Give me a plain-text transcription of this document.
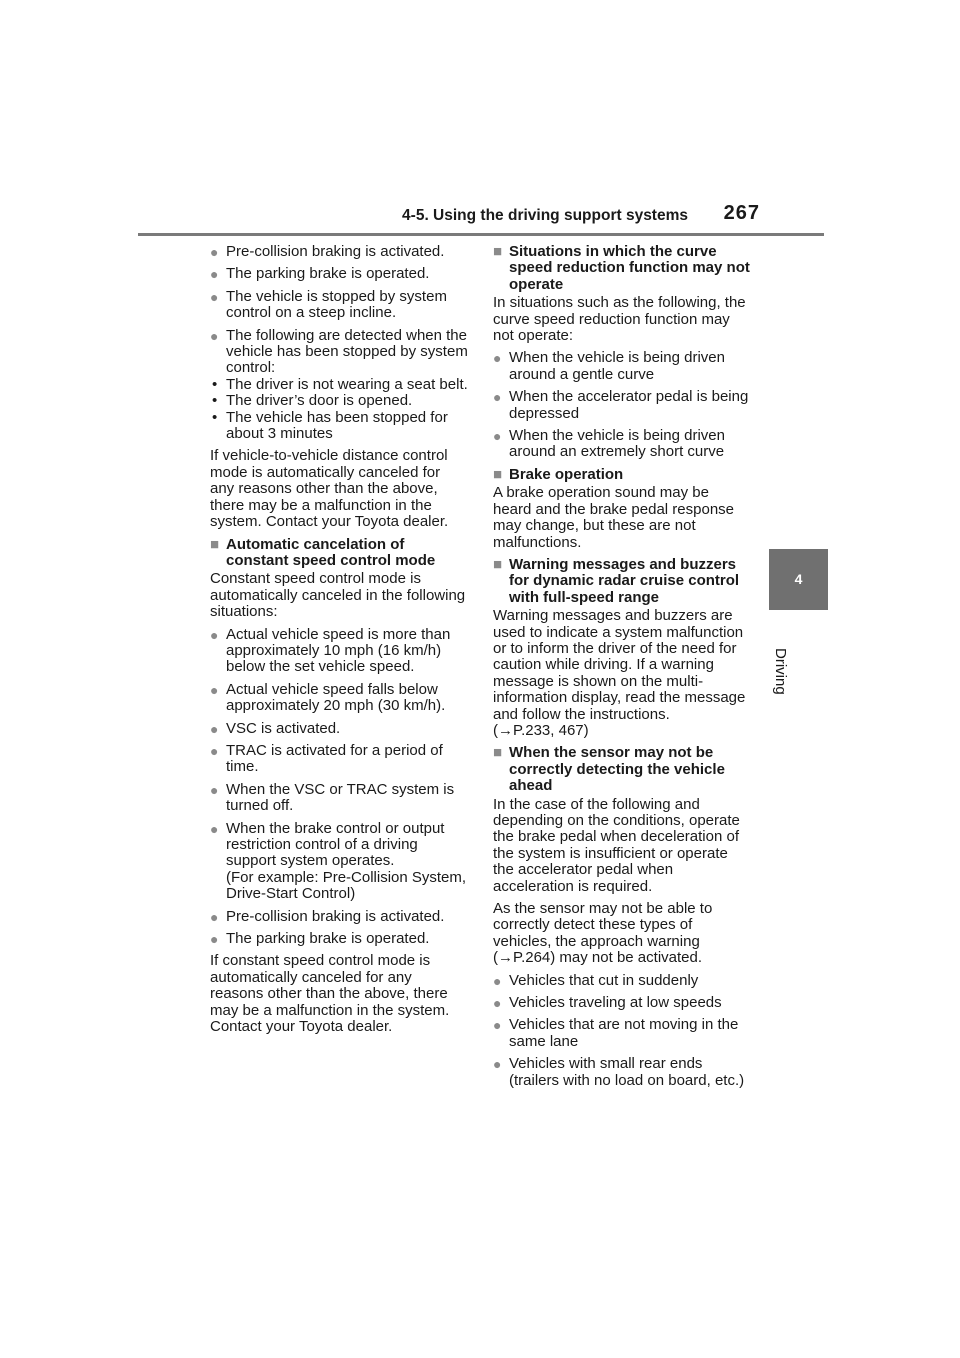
4-5. Using the driving support systems	267
4
Driving
● Pre-collision braking is activated.
● The parking brake is operated.
● The vehicle is stopped by system control on a steep incline.
● The following are detected when the vehicle has been stopped by system control:
• The driver is not wearing a seat belt.
• The driver’s door is opened.
• The vehicle has been stopped for about 3 minutes
If vehicle-to-vehicle distance control mode is automatically canceled for any reasons other than the above, there may be a malfunction in the system. Contact your Toyota dealer.
■ Automatic cancelation of constant speed control mode
Constant speed control mode is automatically canceled in the following situations:
● Actual vehicle speed is more than approximately 10 mph (16 km/h) below the set vehicle speed.
● Actual vehicle speed falls below approximately 20 mph (30 km/h).
● VSC is activated.
● TRAC is activated for a period of time.
● When the VSC or TRAC system is turned off.
● When the brake control or output restriction control of a driving support system operates.
(For example: Pre-Collision System, Drive-Start Control)
● Pre-collision braking is activated.
● The parking brake is operated.
If constant speed control mode is automatically canceled for any reasons other than the above, there may be a malfunction in the system. Contact your Toyota dealer.
■ Situations in which the curve speed reduction function may not operate
In situations such as the following, the curve speed reduction function may not operate:
● When the vehicle is being driven around a gentle curve
● When the accelerator pedal is being depressed
● When the vehicle is being driven around an extremely short curve
■ Brake operation
A brake operation sound may be heard and the brake pedal response may change, but these are not malfunctions.
■ Warning messages and buzzers for dynamic radar cruise control with full-speed range
Warning messages and buzzers are used to indicate a system malfunction or to inform the driver of the need for caution while driving. If a warning message is shown on the multi-information display, read the message and follow the instructions.
(→P.233, 467)
■ When the sensor may not be correctly detecting the vehicle ahead
In the case of the following and depending on the conditions, operate the brake pedal when deceleration of the system is insufficient or operate the accelerator pedal when acceleration is required.
As the sensor may not be able to correctly detect these types of vehicles, the approach warning
(→P.264) may not be activated.
● Vehicles that cut in suddenly
● Vehicles traveling at low speeds
● Vehicles that are not moving in the same lane
● Vehicles with small rear ends (trailers with no load on board, etc.)
